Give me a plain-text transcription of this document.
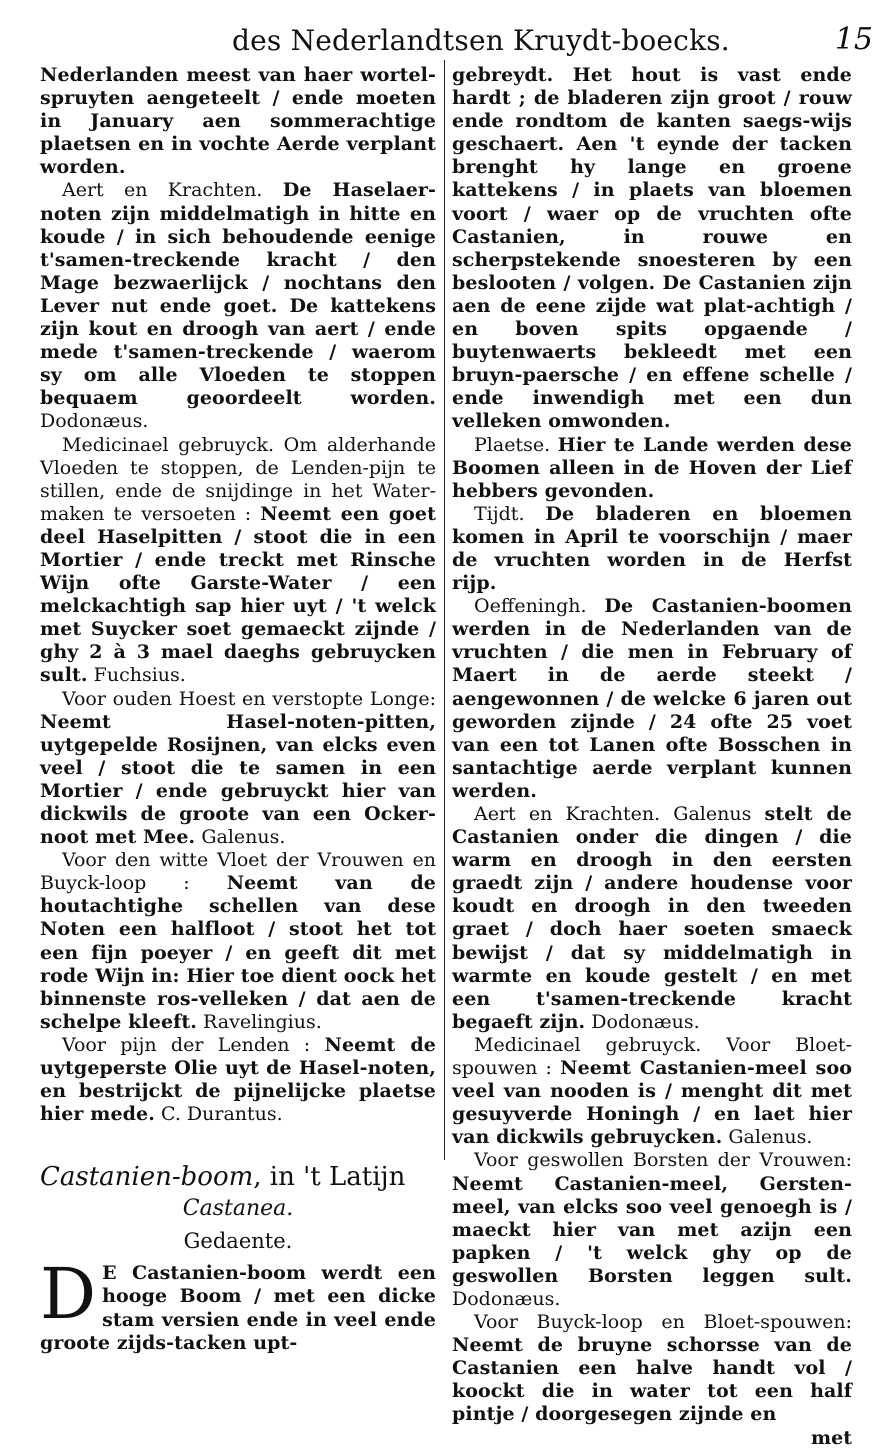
des Nederlandtsen Kruydt-boecks.	15

Nederlanden meest van haer wortel-spruyten aengeteelt / ende moeten in January aen sommerachtige plaetsen en in vochte Aerde verplant worden.

Aert en Krachten. De Haselaer-noten zijn middelmatigh in hitte en koude / in sich behoudende eenige t'samen-treckende kracht / den Mage bezwaerlijck / nochtans den Lever nut ende goet. De kattekens zijn kout en droogh van aert / ende mede t'samen-treckende / waerom sy om alle Vloeden te stoppen bequaem geoordeelt worden. Dodonæus.

Medicinael gebruyck. Om alderhande Vloeden te stoppen, de Lenden-pijn te stillen, ende de snijdinge in het Water-maken te versoeten : Neemt een goet deel Haselpitten / stoot die in een Mortier / ende treckt met Rinsche Wijn ofte Garste-Water / een melckachtigh sap hier uyt / 't welck met Suycker soet gemaeckt zijnde / ghy 2 à 3 mael daeghs gebruycken sult. Fuchsius.

Voor ouden Hoest en verstopte Longe: Neemt Hasel-noten-pitten, uytgepelde Rosijnen, van elcks even veel / stoot die te samen in een Mortier / ende gebruyckt hier van dickwils de groote van een Ocker-noot met Mee. Galenus.

Voor den witte Vloet der Vrouwen en Buyck-loop : Neemt van de houtachtighe schellen van dese Noten een halfloot / stoot het tot een fijn poeyer / en geeft dit met rode Wijn in: Hier toe dient oock het binnenste ros-velleken / dat aen de schelpe kleeft. Ravelingius.

Voor pijn der Lenden : Neemt de uytgeperste Olie uyt de Hasel-noten, en bestrijckt de pijnelijcke plaetse hier mede. C. Durantus.

Castanien-boom, in 't Latijn
Castanea.
Gedaente.

D E Castanien-boom werdt een hooge Boom / met een dicke stam versien ende in veel ende groote zijds-tacken upt-

gebreydt. Het hout is vast ende hardt ; de bladeren zijn groot / rouw ende rondtom de kanten saegs-wijs geschaert. Aen 't eynde der tacken brenght hy lange en groene kattekens / in plaets van bloemen voort / waer op de vruchten ofte Castanien, in rouwe en scherpstekende snoesteren by een beslooten / volgen. De Castanien zijn aen de eene zijde wat plat-achtigh / en boven spits opgaende / buytenwaerts bekleedt met een bruyn-paersche / en effene schelle / ende inwendigh met een dun velleken omwonden.

Plaetse. Hier te Lande werden dese Boomen alleen in de Hoven der Lief hebbers gevonden.

Tijdt. De bladeren en bloemen komen in April te voorschijn / maer de vruchten worden in de Herfst rijp.

Oeffeningh. De Castanien-boomen werden in de Nederlanden van de vruchten / die men in February of Maert in de aerde steekt / aengewonnen / de welcke 6 jaren out geworden zijnde / 24 ofte 25 voet van een tot Lanen ofte Bosschen in santachtige aerde verplant kunnen werden.

Aert en Krachten. Galenus stelt de Castanien onder die dingen / die warm en droogh in den eersten graedt zijn / andere houdense voor koudt en droogh in den tweeden graet / doch haer soeten smaeck bewijst / dat sy middelmatigh in warmte en koude gestelt / en met een t'samen-treckende kracht begaeft zijn. Dodonæus.

Medicinael gebruyck. Voor Bloet-spouwen : Neemt Castanien-meel soo veel van nooden is / menght dit met gesuyverde Honingh / en laet hier van dickwils gebruycken. Galenus.

Voor geswollen Borsten der Vrouwen: Neemt Castanien-meel, Gersten-meel, van elcks soo veel genoegh is / maeckt hier van met azijn een papken / 't welck ghy op de geswollen Borsten leggen sult. Dodonæus.

Voor Buyck-loop en Bloet-spouwen: Neemt de bruyne schorsse van de Castanien een halve handt vol / koockt die in water tot een half pintje / doorgesegen zijnde en

met
